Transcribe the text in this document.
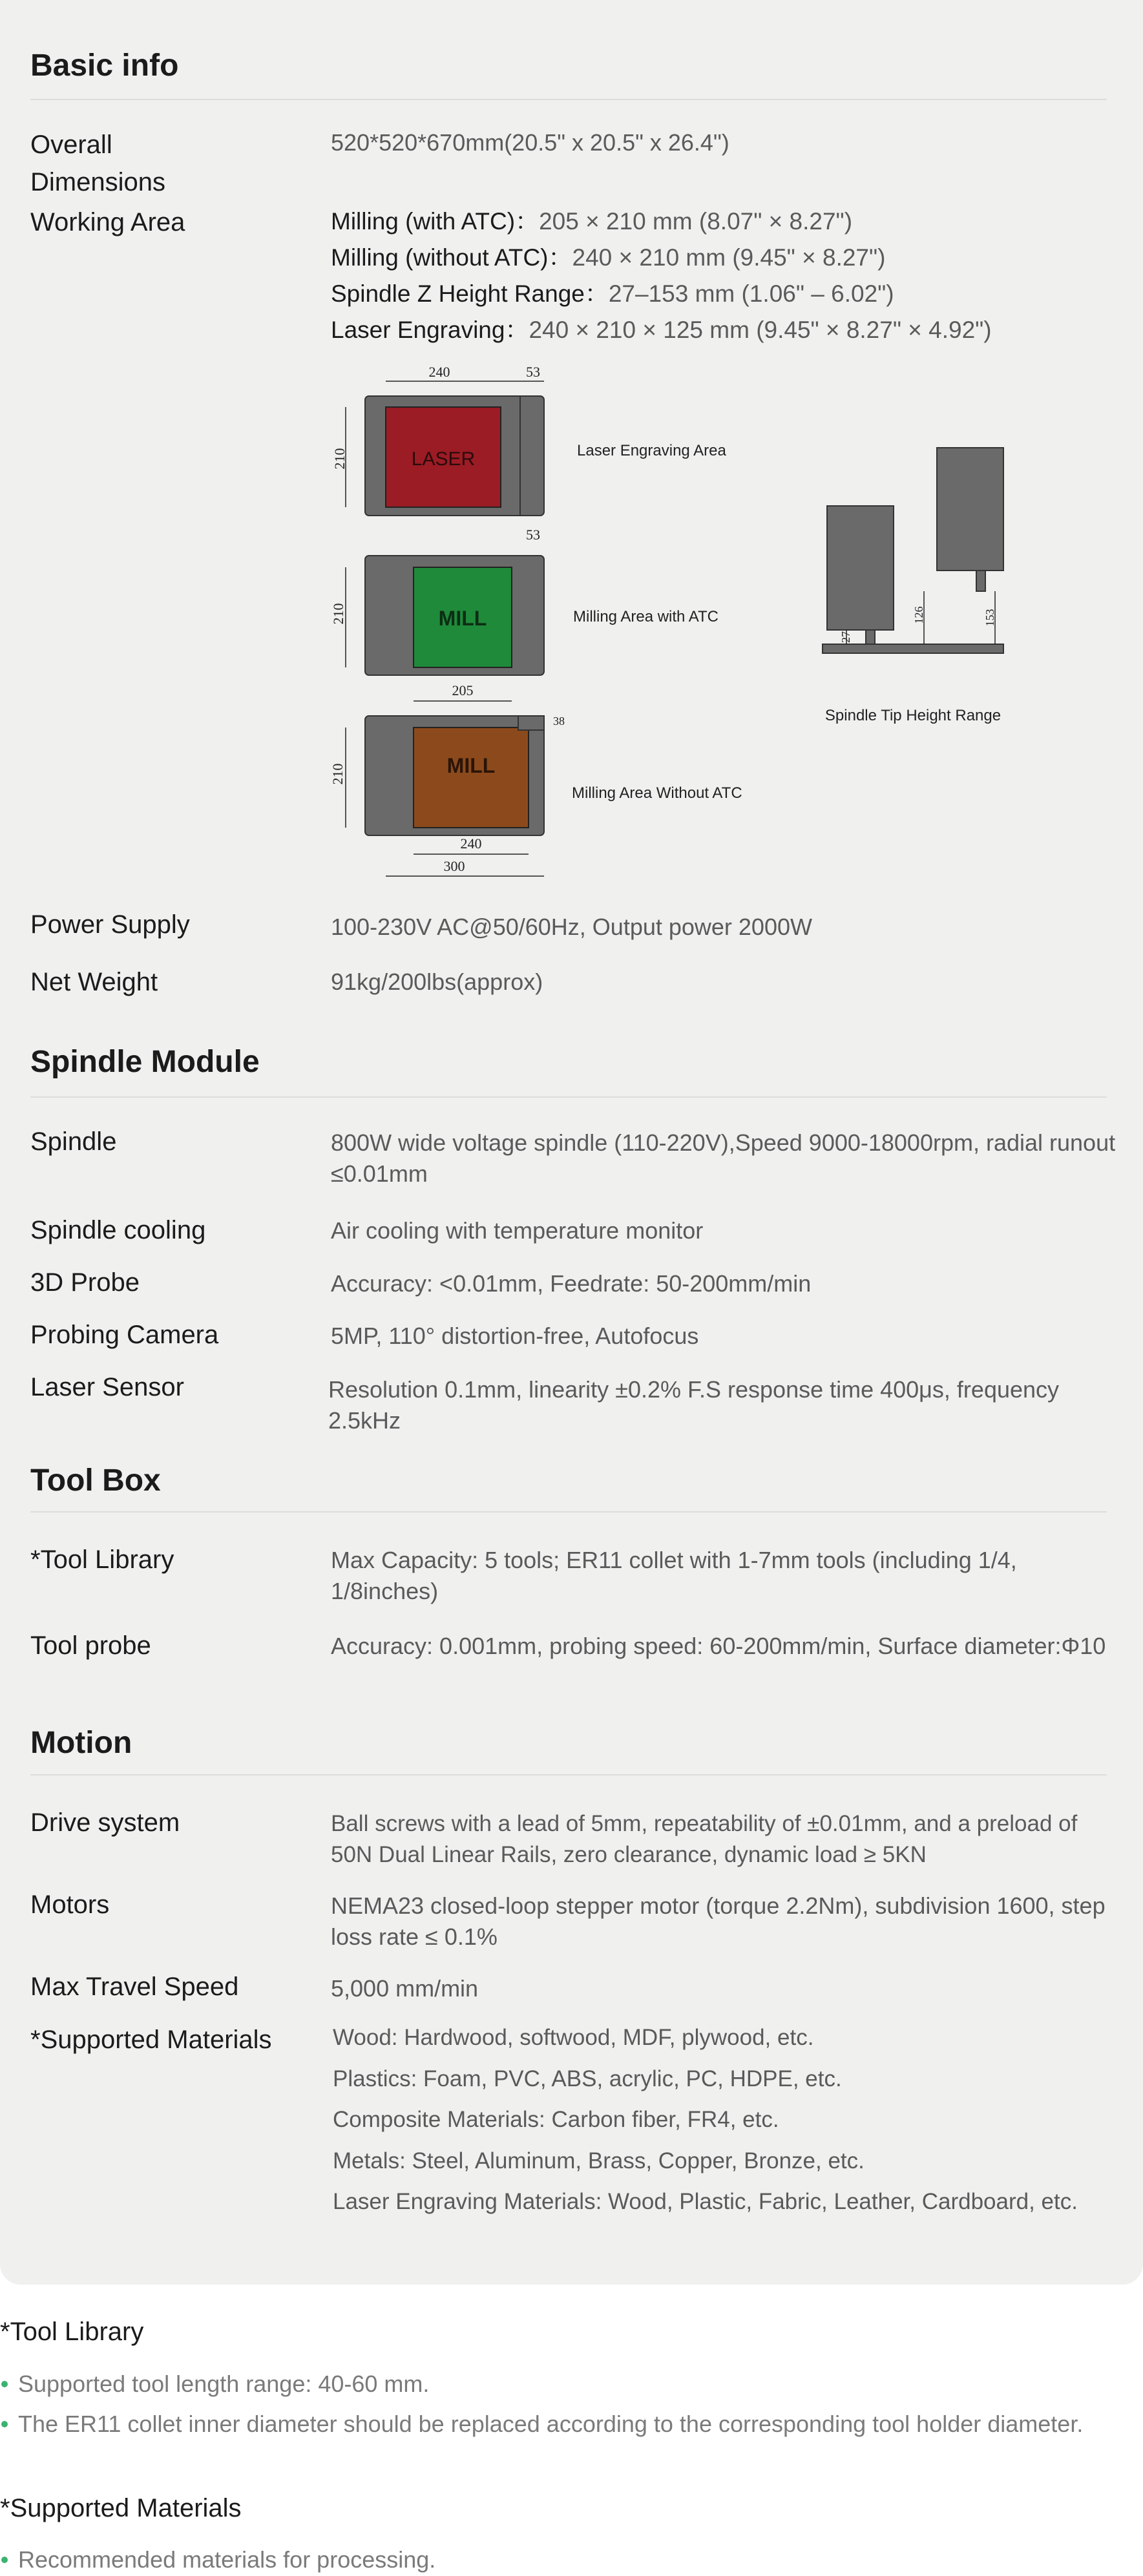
Basic info
Overall Dimensions
520*520*670mm(20.5" x 20.5" x 26.4")
Working Area	Milling (with ATC)：205 × 210 mm (8.07" × 8.27")
Milling (without ATC)：240 × 210 mm (9.45" × 8.27")
Spindle Z Height Range：27–153 mm (1.06" – 6.02")
Laser Engraving：240 × 210 × 125 mm (9.45" × 8.27" × 4.92")
LASER
240	53
210	Laser Engraving Area
MILL
53
210
205
Milling Area with ATC
MILL
38
210
240
300
Milling Area Without ATC
27
126	153
Spindle Tip Height Range
Power Supply	100-230V AC@50/60Hz, Output power 2000W
Net Weight	91kg/200lbs(approx)
Spindle Module
Spindle	800W wide voltage spindle (110-220V),Speed 9000-18000rpm, radial runout ≤0.01mm
Spindle cooling	Air cooling with temperature monitor
3D Probe	Accuracy: <0.01mm, Feedrate: 50-200mm/min
Probing Camera	5MP, 110° distortion-free, Autofocus
Laser Sensor	Resolution 0.1mm, linearity ±0.2% F.S response time 400μs, frequency 2.5kHz
Tool Box
*Tool Library	Max Capacity: 5 tools; ER11 collet with 1-7mm tools (including 1/4, 1/8inches)
Tool probe	Accuracy: 0.001mm, probing speed: 60-200mm/min, Surface diameter:Φ10
Motion
Drive system	Ball screws with a lead of 5mm, repeatability of ±0.01mm, and a preload of 50N Dual Linear Rails, zero clearance, dynamic load ≥ 5KN
Motors	NEMA23 closed-loop stepper motor (torque 2.2Nm), subdivision 1600, step loss rate ≤ 0.1%
Max Travel Speed	5,000 mm/min
*Supported Materials	Wood: Hardwood, softwood, MDF, plywood, etc.
Plastics: Foam, PVC, ABS, acrylic, PC, HDPE, etc.
Composite Materials: Carbon fiber, FR4, etc.
Metals: Steel, Aluminum, Brass, Copper, Bronze, etc.
Laser Engraving Materials: Wood, Plastic, Fabric, Leather, Cardboard, etc.
*Tool Library
Supported tool length range: 40-60 mm.
The ER11 collet inner diameter should be replaced according to the corresponding tool holder diameter.
*Supported Materials
Recommended materials for processing.
